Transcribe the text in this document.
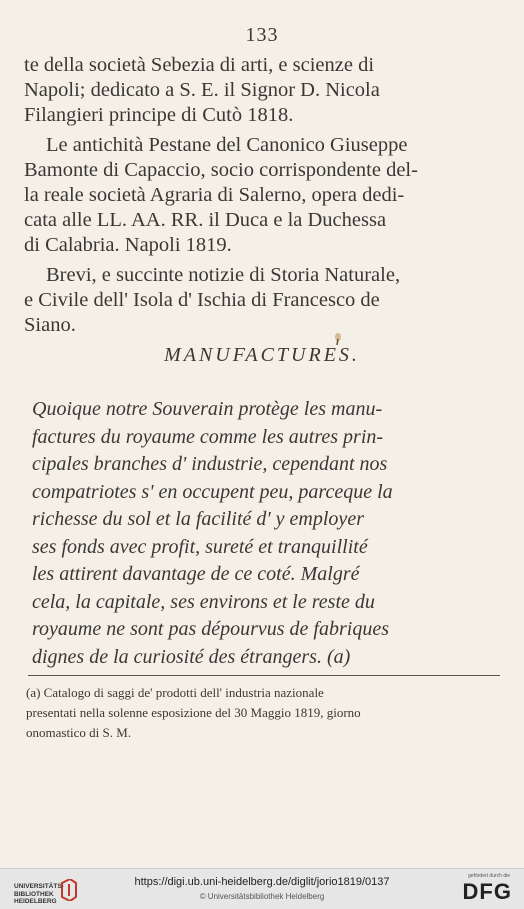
133
te della società Sebezia di arti, e scienze di
Napoli; dedicato a S. E. il Signor D. Nicola
Filangieri principe di Cutò 1818.
Le antichità Pestane del Canonico Giuseppe
Bamonte di Capaccio, socio corrispondente del-
la reale società Agraria di Salerno, opera dedi-
cata alle LL. AA. RR. il Duca e la Duchessa
di Calabria. Napoli 1819.
Brevi, e succinte notizie di Storia Naturale,
e Civile dell' Isola d' Ischia di Francesco de
Siano.
MANUFACTURES.
Quoique notre Souverain protège les manu-
factures du royaume comme les autres prin-
cipales branches d' industrie, cependant nos
compatriotes s' en occupent peu, parceque la
richesse du sol et la facilité d' y employer
ses fonds avec profit, sureté et tranquillité
les attirent davantage de ce coté. Malgré
cela, la capitale, ses environs et le reste du
royaume ne sont pas dépourvus de fabriques
dignes de la curiosité des étrangers. (a)
(a) Catalogo di saggi de' prodotti dell' industria nazionale
presentati nella solenne esposizione del 30 Maggio 1819, giorno
onomastico di S. M.
UNIVERSITÄTS-
BIBLIOTHEK
HEIDELBERG
https://digi.ub.uni-heidelberg.de/diglit/jorio1819/0137
© Universitätsbibliothek Heidelberg
gefördert durch die
DFG
